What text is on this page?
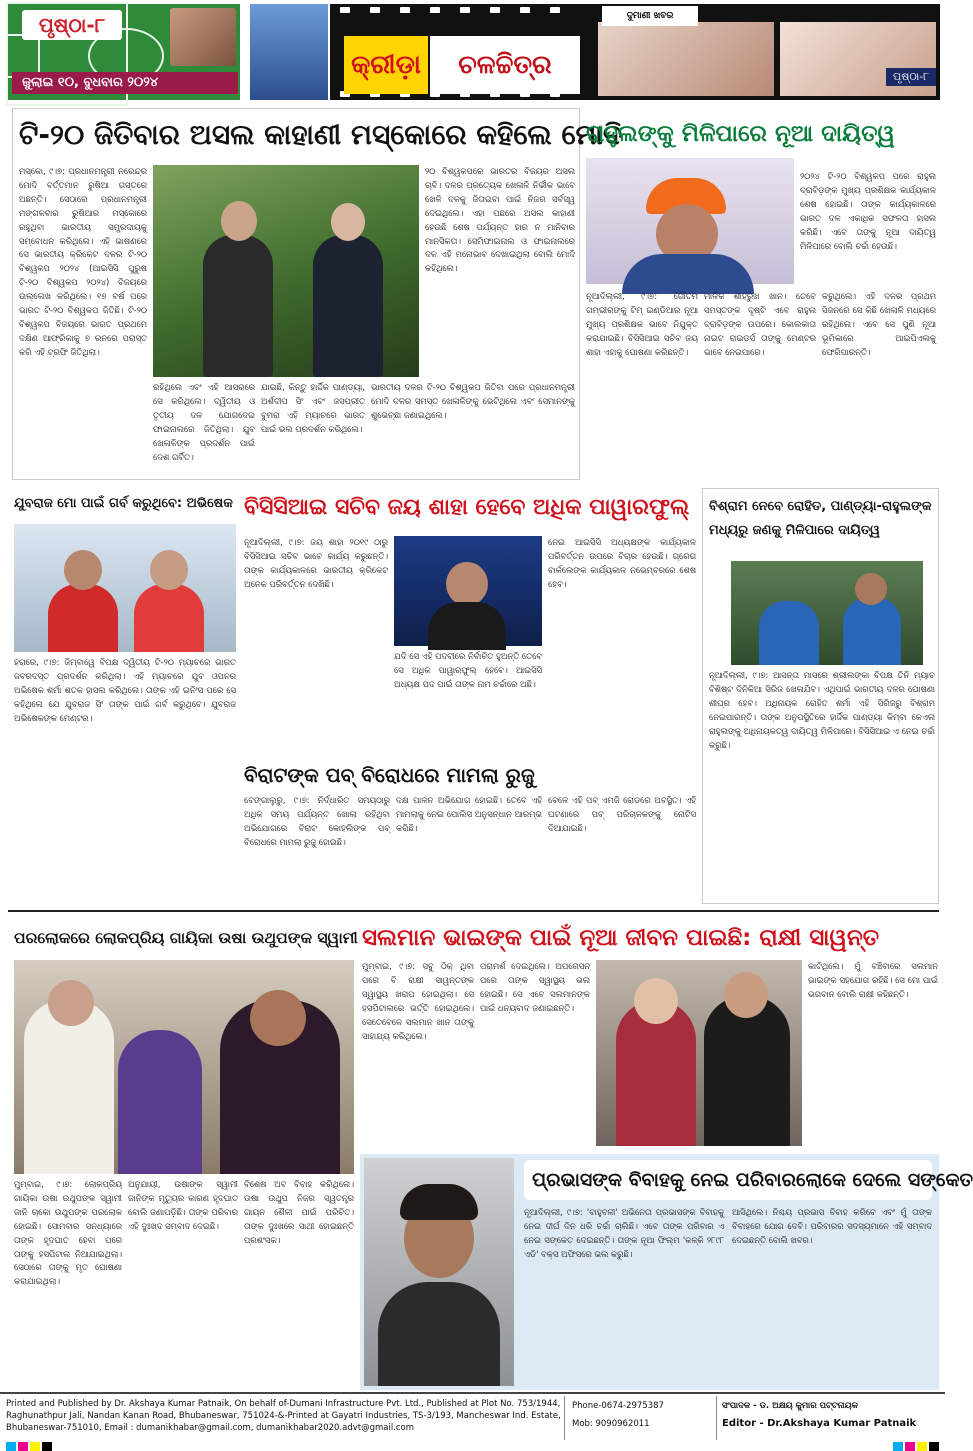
ପୃଷ୍ଠା-୮
ଜୁଲାଇ ୧୦, ବୁଧବାର ୨୦୨୪
କ୍ରୀଡ଼ା	ଚଳଚ୍ଚିତ୍ର
ଦୁମାଣୀ ଖବର
ପୃଷ୍ଠା-୮
ଟି-୨୦ ଜିତିବାର ଅସଲ କାହାଣୀ ମସ୍କୋରେ କହିଲେ ମୋଦି
ମସ୍କୋ, ୯।୭: ପ୍ରଧାନମନ୍ତ୍ରୀ ନରେନ୍ଦ୍ର ମୋଦି ବର୍ତ୍ତମାନ ରୁଷିଆ ଗସ୍ତରେ ଅଛନ୍ତି। ସେଠାରେ ପ୍ରଧାନମନ୍ତ୍ରୀ ମଙ୍ଗଳବାର ରୁଷିଆର ମସ୍କୋରେ ରହୁଥିବା ଭାରତୀୟ ସମ୍ପ୍ରଦାୟକୁ ସମ୍ବୋଧନ କରିଥିଲେ। ଏହି ଭାଷଣରେ ସେ ଭାରତୀୟ କ୍ରିକେଟ ଦଳର ଟି-୨୦ ବିଶ୍ୱକପ ୨୦୨୪ (ଆଇସିସି ପୁରୁଷ ଟି-୨୦ ବିଶ୍ୱକପ ୨୦୨୪) ବିଜୟରେ ଉଲ୍ଲେଖ କରିଥିଲେ। ୧୭ ବର୍ଷ ପରେ ଭାରତ ଟି-୨୦ ବିଶ୍ୱକପ ଜିତିଛି। ଟି-୨୦ ବିଶ୍ୱକପ ବିଜୟରେ ଭାରତ ପ୍ରଥମେ ଦକ୍ଷିଣ ଆଫ୍ରିକାକୁ ୭ ରନରେ ପରାସ୍ତ କରି ଏହି ଟ୍ରଫି ଜିତିଥିଲା।
୨୦ ବିଶ୍ୱକପରେ ଭାରତର ବିଜୟର ଅସଲ ଚାବି। ଦଳର ପ୍ରତ୍ୟେକ ଖେଳାଳି ନିର୍ଭୀକ ଭାବେ ଖେଳି ଦଳକୁ ଜିତାଇବା ପାଇଁ ନିଜର ସର୍ବସ୍ୱ ଦେଇଥିଲେ। ଏହା ପଛରେ ଅସଲ କାହାଣୀ ହେଉଛି ଶେଷ ପର୍ଯ୍ୟନ୍ତ ହାର ନ ମାନିବାର ମାନସିକତା। ସେମିଫାଇନାଲ ଓ ଫାଇନାଲରେ ଦଳ ଏହି ମନୋଭାବ ଦେଖାଇଥିଲା ବୋଲି ମୋଦି କହିଥିଲେ।
ରହିଥିଲେ ଏବଂ ଏହି ଆସରରେ ସେ କରିଥିଲେ। ଦ୍ୱିତୀୟ ଓ ତୃତୀୟ ଦଳ ଯୋଗଦେଇ ଫାଇନାଲରେ ଜିତିଥିଲା। ଯୁବ ଖେଳାଳିଙ୍କ ପ୍ରଦର୍ଶନ ପାଇଁ ଦେଶ ଗର୍ବିତ।
ଯାଇଛି, କିନ୍ତୁ ହାର୍ଦ୍ଦିକ ପାଣ୍ଡ୍ୟା, ଅର୍ଶଦୀପ ସିଂ ଏବଂ ଜସପ୍ରୀତ ବୁମରା ଏହି ମ୍ୟାଚରେ ଭାରତ ପାଇଁ ଭଲ ପ୍ରଦର୍ଶନ କରିଥିଲେ।
ଭାରତୀୟ ଦଳର ଟି-୨୦ ବିଶ୍ୱକପ ଜିତିବା ପରେ ପ୍ରଧାନମନ୍ତ୍ରୀ ମୋଦି ଦଳର ସମସ୍ତ ଖେଳାଳିଙ୍କୁ ଭେଟିଥିଲେ ଏବଂ ସେମାନଙ୍କୁ ଶୁଭେଚ୍ଛା ଜଣାଇଥିଲେ।
ରାହୁଲଙ୍କୁ ମିଳିପାରେ ନୂଆ ଦାୟିତ୍ୱ
୨୦୨୪ ଟି-୨୦ ବିଶ୍ୱକପ ପରେ ରାହୁଲ ଦ୍ରାବିଡ଼ଙ୍କ ମୁଖ୍ୟ ପ୍ରଶିକ୍ଷକ କାର୍ଯ୍ୟକାଳ ଶେଷ ହୋଇଛି। ତାଙ୍କ କାର୍ଯ୍ୟକାଳରେ ଭାରତ ଦଳ ଏକାଧିକ ସଫଳତା ହାସଲ କରିଛି। ଏବେ ତାଙ୍କୁ ନୂଆ ଦାୟିତ୍ୱ ମିଳିପାରେ ବୋଲି ଚର୍ଚ୍ଚା ହେଉଛି।
ନୂଆଦିଲ୍ଲୀ, ୯।୭: ଗୌତମ ଗମ୍ଭୀରଙ୍କୁ ଟିମ୍ ଇଣ୍ଡିଆର ନୂଆ ମୁଖ୍ୟ ପ୍ରଶିକ୍ଷକ ଭାବେ ନିଯୁକ୍ତ କରାଯାଇଛି। ବିସିସିଆଇ ସଚିବ ଜୟ ଶାହା ଏହାକୁ ଘୋଷଣା କରିଛନ୍ତି।
ମାଳିକ ଶାହରୁଖ ଖାନ। ତେବେ ସମସ୍ତଙ୍କ ଦୃଷ୍ଟି ଏବେ ରାହୁଲ ଦ୍ରାବିଡ଼ଙ୍କ ଉପରେ। କୋଲକାତା ନାଇଟ ରାଇଡର୍ସ ତାଙ୍କୁ ମେଣ୍ଟର ଭାବେ ନେଇପାରେ।
କରୁଥିଲେ। ଏହି ଦଳର ପ୍ରଥମ ସିଜନରେ ସେ କିଛି ଖେଳାଳି ମଧ୍ୟରେ ରହିଥିଲେ। ଏବେ ସେ ପୁଣି ନୂଆ ଭୂମିକାରେ ଆଇପିଏଲକୁ ଫେରିପାରନ୍ତି।
ଯୁବରାଜ ମୋ ପାଇଁ ଗର୍ବ କରୁଥିବେ: ଅଭିଷେକ
ହରାରେ, ୯।୭: ଜିମ୍ବାୱେ ବିପକ୍ଷ ଦ୍ୱିତୀୟ ଟି-୨୦ ମ୍ୟାଚରେ ଭାରତ ଜବରଦସ୍ତ ପ୍ରଦର୍ଶନ କରିଥିଲା। ଏହି ମ୍ୟାଚରେ ଯୁବ ଓପନର ଅଭିଷେକ ଶର୍ମା ଶତକ ହାସଲ କରିଥିଲେ। ତାଙ୍କ ଏହି ଇନିଂସ ପରେ ସେ କହିଥିଲେ ଯେ ଯୁବରାଜ ସିଂ ତାଙ୍କ ପାଇଁ ଗର୍ବ କରୁଥିବେ। ଯୁବରାଜ ଅଭିଷେକଙ୍କ ମେଣ୍ଟର।
ବିସିସିଆଇ ସଚିବ ଜୟ ଶାହା ହେବେ ଅଧିକ ପାୱାରଫୁଲ୍
ନୂଆଦିଲ୍ଲୀ, ୯।୭: ଜୟ ଶାହା ୨୦୧୯ ଠାରୁ ବିସିସିଆଇ ସଚିବ ଭାବେ କାର୍ଯ୍ୟ କରୁଛନ୍ତି। ତାଙ୍କ କାର୍ଯ୍ୟକାଳରେ ଭାରତୀୟ କ୍ରିକେଟ ଅନେକ ପରିବର୍ତ୍ତନ ଦେଖିଛି।
ଯଦି ସେ ଏହି ପଦବୀରେ ନିର୍ବାଚିତ ହୁଅନ୍ତି ତେବେ ସେ ଅଧିକ ପାୱାରଫୁଲ୍ ହେବେ। ଆଇସିସି ଅଧ୍ୟକ୍ଷ ପଦ ପାଇଁ ତାଙ୍କ ନାମ ଚର୍ଚ୍ଚାରେ ଅଛି।
ନେଇ ଆଇସିସି ଅଧ୍ୟକ୍ଷଙ୍କ କାର୍ଯ୍ୟକାଳ ପରିବର୍ତ୍ତନ ଉପରେ ବିଚାର ହେଉଛି। ଗ୍ରେଗ ବାର୍କଲେଙ୍କ କାର୍ଯ୍ୟକାଳ ନଭେମ୍ବରରେ ଶେଷ ହେବ।
ବିଶ୍ରାମ ନେବେ ରୋହିତ, ପାଣ୍ଡ୍ୟା-ରାହୁଲଙ୍କ
ମଧ୍ୟରୁ ଜଣକୁ ମିଳିପାରେ ଦାୟିତ୍ୱ
ନୂଆଦିଲ୍ଲୀ, ୯।୭: ଆସନ୍ତା ମାସରେ ଶ୍ରୀଲଙ୍କା ବିପକ୍ଷ ତିନି ମ୍ୟାଚ ବିଶିଷ୍ଟ ଦିନିକିଆ ସିରିଜ ଖେଳାଯିବ। ଏଥିପାଇଁ ଭାରତୀୟ ଦଳର ଘୋଷଣା ଶୀଘ୍ର ହେବ। ଅଧିନାୟକ ରୋହିତ ଶର୍ମା ଏହି ସିରିଜରୁ ବିଶ୍ରାମ ନେଇପାରନ୍ତି। ତାଙ୍କ ଅନୁପସ୍ଥିତିରେ ହାର୍ଦ୍ଦିକ ପାଣ୍ଡ୍ୟା କିମ୍ବା କେଏଲ ରାହୁଲଙ୍କୁ ଅଧିନାୟକତ୍ୱ ଦାୟିତ୍ୱ ମିଳିପାରେ। ବିସିସିଆଇ ଏ ନେଇ ଚର୍ଚ୍ଚା କରୁଛି।
ବିରାଟଙ୍କ ପବ୍ ବିରୋଧରେ ମାମଲା ରୁଜୁ
ବେଙ୍ଗାଲୁରୁ, ୯।୭: ନିର୍ଦ୍ଧାରିତ ସମୟଠାରୁ ଅଧିକ ସମୟ ପର୍ଯ୍ୟନ୍ତ ଖୋଲା ରହିଥିବା ଅଭିଯୋଗରେ ବିରାଟ କୋହଲିଙ୍କ ପବ୍ ବିରୋଧରେ ମାମଲା ରୁଜୁ ହୋଇଛି।
ଦକ୍ଷ ପାଳନ ଅଭିଯୋଗ ହୋଇଛି। ତେବେ ଏହି ମାମଲାକୁ ନେଇ ପୋଲିସ ଅନୁସନ୍ଧାନ ଆରମ୍ଭ କରିଛି।
ବେଳେ ଏହି ପବ୍ ଏମଜି ରୋଡରେ ଅବସ୍ଥିତ। ଏହି ଘଟଣାରେ ପବ୍ ପରିଚାଳକଙ୍କୁ ନୋଟିସ ଦିଆଯାଇଛି।
ପରଲୋକରେ ଲୋକପ୍ରିୟ ଗାୟିକା ଉଷା ଉଥୁପଙ୍କ ସ୍ୱାମୀ
ମୁମ୍ବାଇ, ୯।୭: ଲୋକପ୍ରିୟ ଗାୟିକା ଉଷା ଉଥୁପଙ୍କ ସ୍ୱାମୀ ଜାନି ଚାକୋ ଉଥୁପଙ୍କ ପରଲୋକ ହୋଇଛି। ସୋମବାର ସନ୍ଧ୍ୟାରେ ତାଙ୍କ ହୃଦଘାତ ହେବା ପରେ ତାଙ୍କୁ ହସପିଟାଲ ନିଆଯାଇଥିଲା। ସେଠାରେ ତାଙ୍କୁ ମୃତ ଘୋଷଣା କରାଯାଇଥିଲା।
ଅନୁଯାୟୀ, ଉଷାଙ୍କ ସ୍ୱାମୀ ଜାନିଙ୍କ ମୃତ୍ୟୁର କାରଣ ହୃଦଘାତ ବୋଲି ଜଣାପଡ଼ିଛି। ତାଙ୍କ ପରିବାର ଏହି ଦୁଃଖଦ ସମ୍ବାଦ ଦେଇଛି।
ବିଶେଷ ଅବ ବିବାହ କରିଥିଲେ। ଉଷା ଉଥୁପ ନିଜର ସ୍ୱତନ୍ତ୍ର ଗାୟନ ଶୈଳୀ ପାଇଁ ପରିଚିତ। ତାଙ୍କ ଦୁଃଖରେ ସାଥୀ ହୋଇଛନ୍ତି ପ୍ରଶଂସକ।
ସଲମାନ ଭାଇଙ୍କ ପାଇଁ ନୂଆ ଜୀବନ ପାଇଛି: ରାକ୍ଷୀ ସାୱନ୍ତ
ମୁମ୍ବାଇ, ୯।୭: ସବୁ ଠିକ୍ ଥିବା ପରେ ବି ରାକ୍ଷୀ ସାୱନ୍ତଙ୍କ ସ୍ୱାସ୍ଥ୍ୟ ଖରାପ ହୋଇଥିଲା। ସେ ହସପିଟାଲରେ ଭର୍ତ୍ତି ହୋଇଥିଲେ। ସେତେବେଳେ ସଲମାନ ଖାନ ତାଙ୍କୁ ସାହାଯ୍ୟ କରିଥିଲେ।
ପରାମର୍ଶ ଦେଇଥିଲେ। ଅପରେସନ ପରେ ତାଙ୍କ ସ୍ୱାସ୍ଥ୍ୟ ଭଲ ହୋଇଛି। ସେ ଏବେ ସଲମାନଙ୍କ ପାଇଁ ଧନ୍ୟବାଦ ଜଣାଇଛନ୍ତି।
କାଟିଥିଲେ। ମୁଁ ବଞ୍ଚିବାରେ ସଲମାନ ଭାଇଙ୍କ ସହଯୋଗ ରହିଛି। ସେ ମୋ ପାଇଁ ଭଗବାନ ବୋଲି ରାକ୍ଷୀ କହିଛନ୍ତି।
ପ୍ରଭାସଙ୍କ ବିବାହକୁ ନେଇ ପରିବାରଲୋକେ ଦେଲେ ସଙ୍କେତ
ନୂଆଦିଲ୍ଲୀ, ୯।୭: 'ବାହୁବଳୀ' ଅଭିନେତା ପ୍ରଭାସଙ୍କ ବିବାହକୁ ନେଇ ଦୀର୍ଘ ଦିନ ଧରି ଚର୍ଚ୍ଚା ଚାଲିଛି। ଏବେ ତାଙ୍କ ପରିବାର ଏ ନେଇ ସଙ୍କେତ ଦେଇଛନ୍ତି। ତାଙ୍କ ନୂଆ ଫିଲ୍ମ 'କଳ୍କି ୨୮୯୮ ଏଡି' ବକ୍ସ ଅଫିସରେ ଭଲ କରୁଛି।
ଆସିଥିଲେ। ନିଶ୍ଚୟ ପ୍ରଭାସ ବିବାହ କରିବେ ଏବଂ ମୁଁ ତାଙ୍କ ବିବାହରେ ଯୋଗ ଦେବି। ପରିବାରର ସଦସ୍ୟମାନେ ଏହି ସମ୍ବାଦ ଦେଇଛନ୍ତି ବୋଲି ଖବର।
Printed and Published by Dr. Akshaya Kumar Patnaik, On behalf of-Dumani Infrastructure Pvt. Ltd., Published at Plot No. 753/1944, Raghunathpur Jali, Nandan Kanan Road, Bhubaneswar, 751024-&-Printed at Gayatri Industries, TS-3/193, Mancheswar Ind. Estate, Bhubaneswar-751010, Email : dumanikhabar@gmail.com, dumanikhabar2020.advt@gmail.com
Phone-0674-2975387
Mob: 9090962011
ସଂପାଦକ - ଡ. ଅକ୍ଷୟ କୁମାର ପଟ୍ଟନାୟକ
Editor - Dr.Akshaya Kumar Patnaik
